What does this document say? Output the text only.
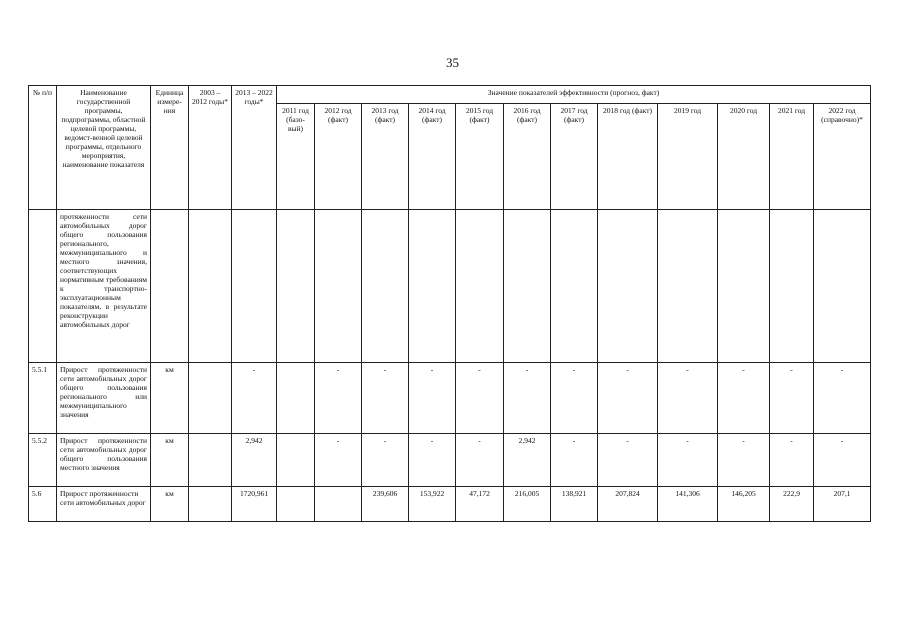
35
№ п/п	Наименование государственной программы, подпрограммы, областной целевой программы, ведомст-венной целевой программы, отдельного мероприятия, наименование показателя	Единица измере-ния	2003 – 2012 годы*	2013 – 2022 годы*	Значение показателей эффективности (прогноз, факт)											
					2011 год (базо-вый)	2012 год (факт)	2013 год (факт)	2014 год (факт)	2015 год (факт)	2016 год (факт)	2017 год (факт)	2018 год (факт)	2019 год	2020 год	2021 год	2022 год (справочно)*
	протяженности сети автомобильных дорог общего пользования регионального, межмуниципального и местного значения, соответствующих нормативным требованиям к транспортно-эксплуатационным показателям, в результате реконструкции автомобильных дорог															
5.5.1	Прирост протяженности сети автомобильных дорог общего пользования регионального или межмуниципального значения	км		-		-	-	-	-	-	-	-	-	-	-	-
5.5.2	Прирост протяженности сети автомобильных дорог общего пользования местного значения	км		2,942		-	-	-	-	2,942	-	-	-	-	-	-
5.6	Прирост протяженности сети автомобильных дорог	км		1720,961			239,606	153,922	47,172	216,005	138,921	207,824	141,306	146,205	222,9	207,1
